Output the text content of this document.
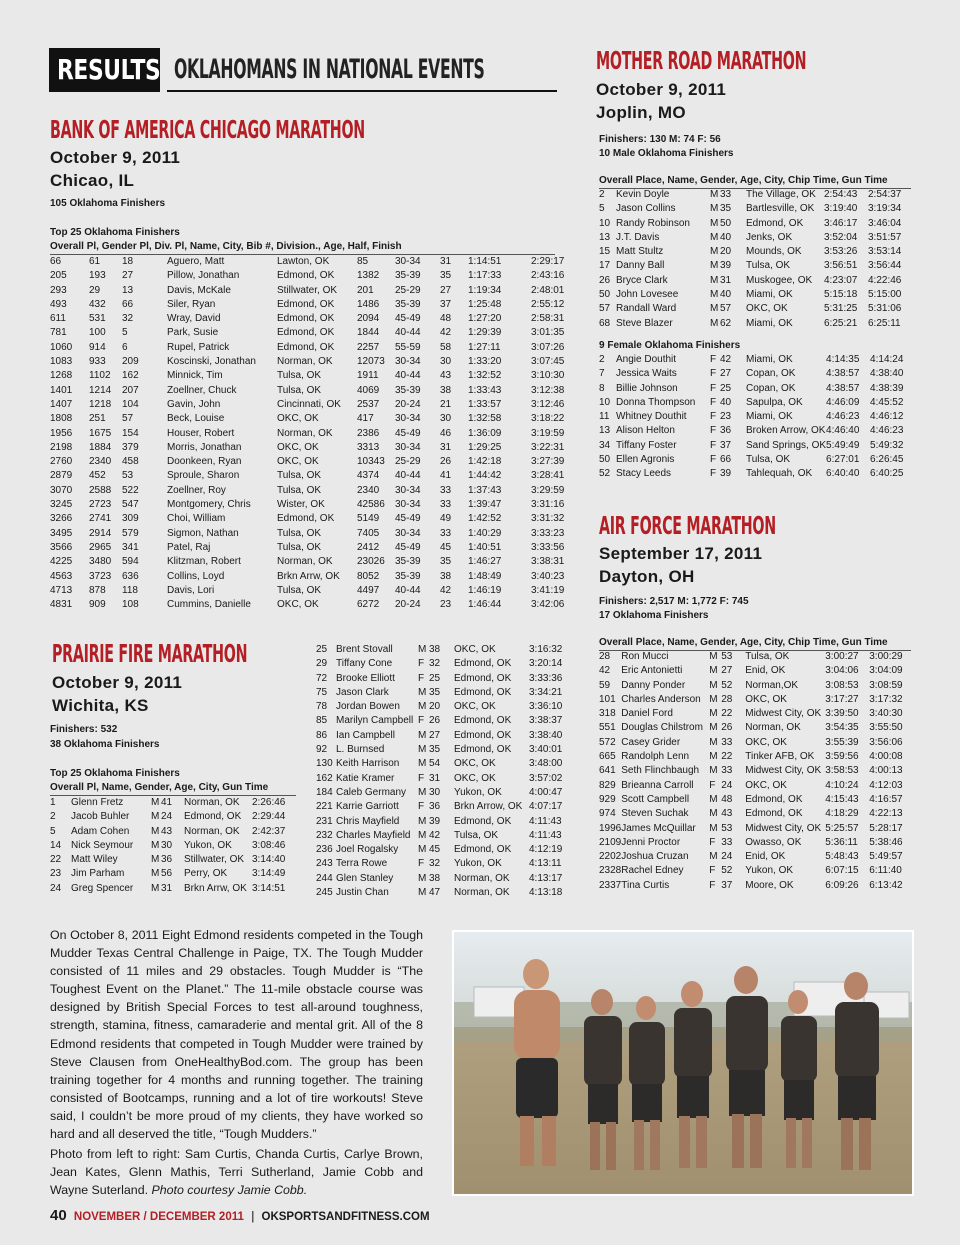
RESULTS OKLAHOMANS IN NATIONAL EVENTS
BANK OF AMERICA CHICAGO MARATHON
October 9, 2011
Chicao, IL
105 Oklahoma Finishers
Top 25 Oklahoma Finishers
Overall Pl, Gender Pl, Div. Pl, Name, City, Bib #, Division., Age, Half, Finish
66	61	18	Aguero, Matt	Lawton, OK	85	30-34	31	1:14:51	2:29:17
205	193	27	Pillow, Jonathan	Edmond, OK	1382	35-39	35	1:17:33	2:43:16
293	29	13	Davis, McKale	Stillwater, OK	201	25-29	27	1:19:34	2:48:01
493	432	66	Siler, Ryan	Edmond, OK	1486	35-39	37	1:25:48	2:55:12
611	531	32	Wray, David	Edmond, OK	2094	45-49	48	1:27:20	2:58:31
781	100	5	Park, Susie	Edmond, OK	1844	40-44	42	1:29:39	3:01:35
1060	914	6	Rupel, Patrick	Edmond, OK	2257	55-59	58	1:27:11	3:07:26
1083	933	209	Koscinski, Jonathan	Norman, OK	12073	30-34	30	1:33:20	3:07:45
1268	1102	162	Minnick, Tim	Tulsa, OK	1911	40-44	43	1:32:52	3:10:30
1401	1214	207	Zoellner, Chuck	Tulsa, OK	4069	35-39	38	1:33:43	3:12:38
1407	1218	104	Gavin, John	Cincinnati, OK	2537	20-24	21	1:33:57	3:12:46
1808	251	57	Beck, Louise	OKC, OK	417	30-34	30	1:32:58	3:18:22
1956	1675	154	Houser, Robert	Norman, OK	2386	45-49	46	1:36:09	3:19:59
2198	1884	379	Morris, Jonathan	OKC, OK	3313	30-34	31	1:29:25	3:22:31
2760	2340	458	Doonkeen, Ryan	OKC, OK	10343	25-29	26	1:42:18	3:27:39
2879	452	53	Sproule, Sharon	Tulsa, OK	4374	40-44	41	1:44:42	3:28:41
3070	2588	522	Zoellner, Roy	Tulsa, OK	2340	30-34	33	1:37:43	3:29:59
3245	2723	547	Montgomery, Chris	Wister, OK	42586	30-34	33	1:39:47	3:31:16
3266	2741	309	Choi, William	Edmond, OK	5149	45-49	49	1:42:52	3:31:32
3495	2914	579	Sigmon, Nathan	Tulsa, OK	7405	30-34	33	1:40:29	3:33:23
3566	2965	341	Patel, Raj	Tulsa, OK	2412	45-49	45	1:40:51	3:33:56
4225	3480	594	Klitzman, Robert	Norman, OK	23026	35-39	35	1:46:27	3:38:31
4563	3723	636	Collins, Loyd	Brkn Arrw, OK	8052	35-39	38	1:48:49	3:40:23
4713	878	118	Davis, Lori	Tulsa, OK	4497	40-44	42	1:46:19	3:41:19
4831	909	108	Cummins, Danielle	OKC, OK	6272	20-24	23	1:46:44	3:42:06
PRAIRIE FIRE MARATHON
October 9, 2011
Wichita, KS
Finishers: 532
38 Oklahoma Finishers
Top 25 Oklahoma Finishers
Overall Pl, Name, Gender, Age, City, Gun Time
1	Glenn Fretz	M	41	Norman, OK	2:26:46
2	Jacob Buhler	M	24	Edmond, OK	2:29:44
5	Adam Cohen	M	43	Norman, OK	2:42:37
14	Nick Seymour	M	30	Yukon, OK	3:08:46
22	Matt Wiley	M	36	Stillwater, OK	3:14:40
23	Jim Parham	M	56	Perry, OK	3:14:49
24	Greg Spencer	M	31	Brkn Arrw, OK	3:14:51
25	Brent Stovall	M	38	OKC, OK	3:16:32
29	Tiffany Cone	F	32	Edmond, OK	3:20:14
72	Brooke Elliott	F	25	Edmond, OK	3:33:36
75	Jason Clark	M	35	Edmond, OK	3:34:21
78	Jordan Bowen	M	20	OKC, OK	3:36:10
85	Marilyn Campbell	F	26	Edmond, OK	3:38:37
86	Ian Campbell	M	27	Edmond, OK	3:38:40
92	L. Burnsed	M	35	Edmond, OK	3:40:01
130	Keith Harrison	M	54	OKC, OK	3:48:00
162	Katie Kramer	F	31	OKC, OK	3:57:02
184	Caleb Germany	M	30	Yukon, OK	4:00:47
221	Karrie Garriott	F	36	Brkn Arrow, OK	4:07:17
231	Chris Mayfield	M	39	Edmond, OK	4:11:43
232	Charles Mayfield	M	42	Tulsa, OK	4:11:43
236	Joel Rogalsky	M	45	Edmond, OK	4:12:19
243	Terra Rowe	F	32	Yukon, OK	4:13:11
244	Glen Stanley	M	38	Norman, OK	4:13:17
245	Justin Chan	M	47	Norman, OK	4:13:18
MOTHER ROAD MARATHON
October 9, 2011
Joplin, MO
Finishers: 130 M: 74 F: 56
10 Male Oklahoma Finishers
Overall Place, Name, Gender, Age, City, Chip Time, Gun Time
2	Kevin Doyle	M	33	The Village, OK	2:54:43	2:54:37
5	Jason Collins	M	35	Bartlesville, OK	3:19:40	3:19:34
10	Randy Robinson	M	50	Edmond, OK	3:46:17	3:46:04
13	J.T. Davis	M	40	Jenks, OK	3:52:04	3:51:57
15	Matt Stultz	M	20	Mounds, OK	3:53:26	3:53:14
17	Danny Ball	M	39	Tulsa, OK	3:56:51	3:56:44
26	Bryce Clark	M	31	Muskogee, OK	4:23:07	4:22:46
50	John Lovesee	M	40	Miami, OK	5:15:18	5:15:00
57	Randall Ward	M	57	OKC, OK	5:31:25	5:31:06
68	Steve Blazer	M	62	Miami, OK	6:25:21	6:25:11
9 Female Oklahoma Finishers
2	Angie Douthit	F	42	Miami, OK	4:14:35	4:14:24
7	Jessica Waits	F	27	Copan, OK	4:38:57	4:38:40
8	Billie Johnson	F	25	Copan, OK	4:38:57	4:38:39
10	Donna Thompson	F	40	Sapulpa, OK	4:46:09	4:45:52
11	Whitney Douthit	F	23	Miami, OK	4:46:23	4:46:12
13	Alison Helton	F	36	Broken Arrow, OK	4:46:40	4:46:23
34	Tiffany Foster	F	37	Sand Springs, OK	5:49:49	5:49:32
50	Ellen Agronis	F	66	Tulsa, OK	6:27:01	6:26:45
52	Stacy Leeds	F	39	Tahlequah, OK	6:40:40	6:40:25
AIR FORCE MARATHON
September 17, 2011
Dayton, OH
Finishers: 2,517 M: 1,772 F: 745
17 Oklahoma Finishers
Overall Place, Name, Gender, Age, City, Chip Time, Gun Time
28	Ron Mucci	M	53	Tulsa, OK	3:00:27	3:00:29
42	Eric Antonietti	M	27	Enid, OK	3:04:06	3:04:09
59	Danny Ponder	M	52	Norman,OK	3:08:53	3:08:59
101	Charles Anderson	M	28	OKC, OK	3:17:27	3:17:32
318	Daniel Ford	M	22	Midwest City, OK	3:39:50	3:40:30
551	Douglas Chilstrom	M	26	Norman, OK	3:54:35	3:55:50
572	Casey Grider	M	33	OKC, OK	3:55:39	3:56:06
665	Randolph Lenn	M	22	Tinker AFB, OK	3:59:56	4:00:08
641	Seth Flinchbaugh	M	33	Midwest City, OK	3:58:53	4:00:13
829	Brieanna Carroll	F	24	OKC, OK	4:10:24	4:12:03
929	Scott Campbell	M	48	Edmond, OK	4:15:43	4:16:57
974	Steven Suchak	M	43	Edmond, OK	4:18:29	4:22:13
1996	James McQuillar	M	53	Midwest City, OK	5:25:57	5:28:17
2109	Jenni Proctor	F	33	Owasso, OK	5:36:11	5:38:46
2202	Joshua Cruzan	M	24	Enid, OK	5:48:43	5:49:57
2328	Rachel Edney	F	52	Yukon, OK	6:07:15	6:11:40
2337	Tina Curtis	F	37	Moore, OK	6:09:26	6:13:42
On October 8, 2011 Eight Edmond residents competed in the Tough Mudder Texas Central Challenge in Paige, TX. The Tough Mudder consisted of 11 miles and 29 obstacles. Tough Mudder is “The Toughest Event on the Planet.” The 11-mile obstacle course was designed by British Special Forces to test all-around toughness, strength, stamina, fitness, camaraderie and mental grit. All of the 8 Edmond residents that competed in Tough Mudder were trained by Steve Clausen from OneHealthyBod.com. The group has been training together for 4 months and running together. The training consisted of Bootcamps, running and a lot of tire workouts! Steve said, I couldn’t be more proud of my clients, they have worked so hard and all deserved the title, “Tough Mudders.”
Photo from left to right: Sam Curtis, Chanda Curtis, Carlye Brown, Jean Kates, Glenn Mathis, Terri Sutherland, Jamie Cobb and Wayne Suterland. Photo courtesy Jamie Cobb.
40 NOVEMBER / DECEMBER 2011 | OKSPORTSANDFITNESS.COM
